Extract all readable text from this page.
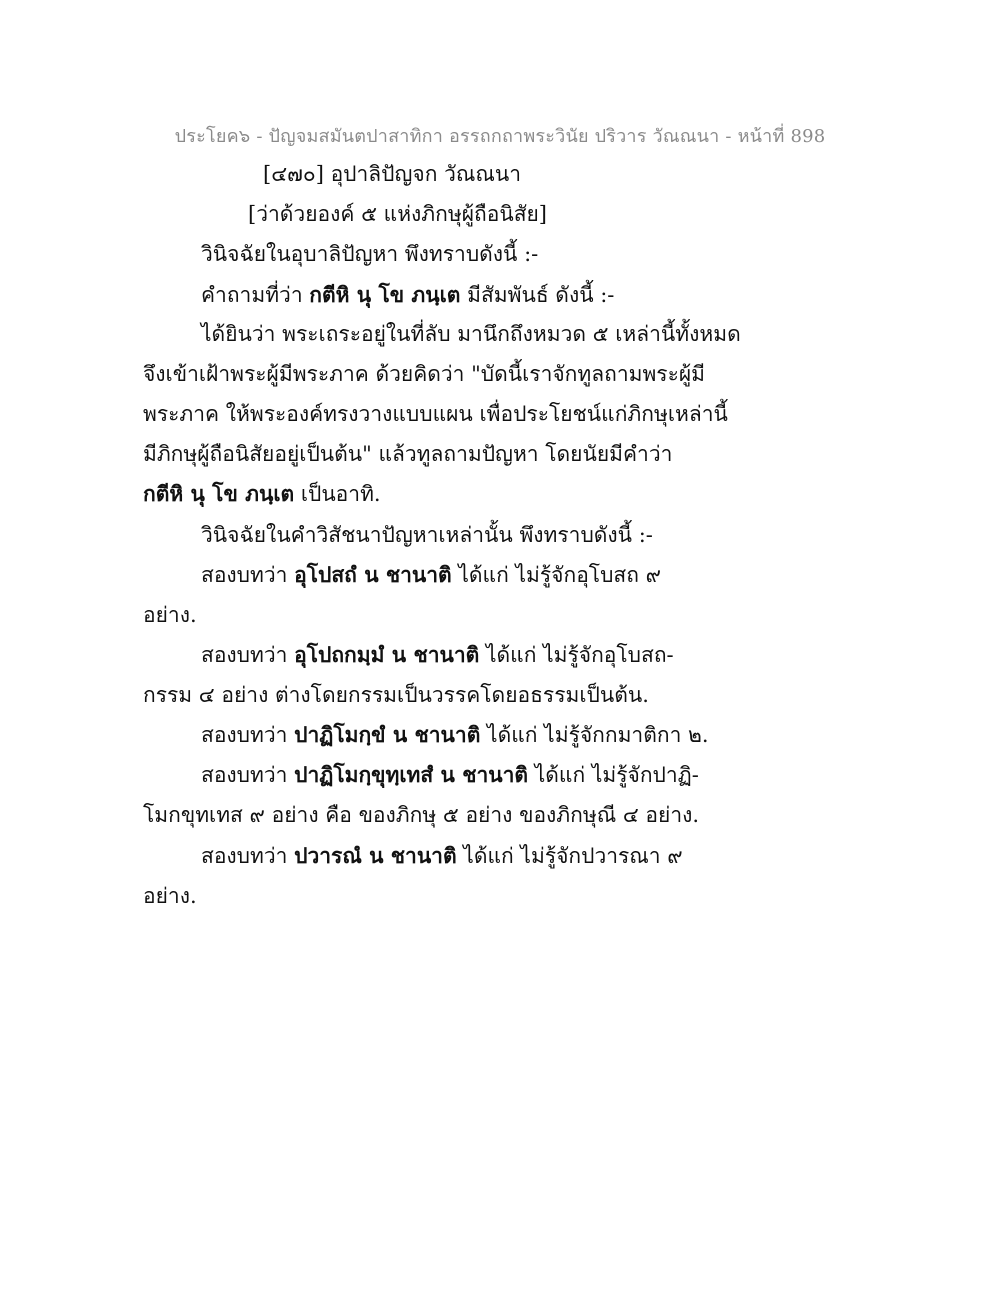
ประโยค๖ - ปัญจมสมันตปาสาทิกา อรรถกถาพระวินัย ปริวาร วัณณนา - หน้าที่ 898
[๔๗๐] อุปาลิปัญจก วัณณนา
[ว่าด้วยองค์ ๕ แห่งภิกษุผู้ถือนิสัย]
วินิจฉัยในอุบาลิปัญหา พึงทราบดังนี้ :-
คำถามที่ว่า กตีหิ นุ โข ภนฺเต มีสัมพันธ์ ดังนี้ :-
ได้ยินว่า พระเถระอยู่ในที่ลับ มานึกถึงหมวด ๕ เหล่านี้ทั้งหมด
จึงเข้าเฝ้าพระผู้มีพระภาค ด้วยคิดว่า "บัดนี้เราจักทูลถามพระผู้มี
พระภาค ให้พระองค์ทรงวางแบบแผน เพื่อประโยชน์แก่ภิกษุเหล่านี้
มีภิกษุผู้ถือนิสัยอยู่เป็นต้น" แล้วทูลถามปัญหา โดยนัยมีคำว่า
กตีหิ นุ โข ภนฺเต เป็นอาทิ.
วินิจฉัยในคำวิสัชนาปัญหาเหล่านั้น พึงทราบดังนี้ :-
สองบทว่า อุโปสถํ น ชานาติ ได้แก่ ไม่รู้จักอุโบสถ ๙
อย่าง.
สองบทว่า อุโปถกมฺมํ น ชานาติ ได้แก่ ไม่รู้จักอุโบสถ-
กรรม ๔ อย่าง ต่างโดยกรรมเป็นวรรคโดยอธรรมเป็นต้น.
สองบทว่า ปาฏิโมกฺขํ น ชานาติ ได้แก่ ไม่รู้จักกมาติกา ๒.
สองบทว่า ปาฏิโมกฺขุทฺเทสํ น ชานาติ ได้แก่ ไม่รู้จักปาฏิ-
โมกขุทเทส ๙ อย่าง คือ ของภิกษุ ๕ อย่าง ของภิกษุณี ๔ อย่าง.
สองบทว่า ปวารณํ น ชานาติ ได้แก่ ไม่รู้จักปวารณา ๙
อย่าง.
